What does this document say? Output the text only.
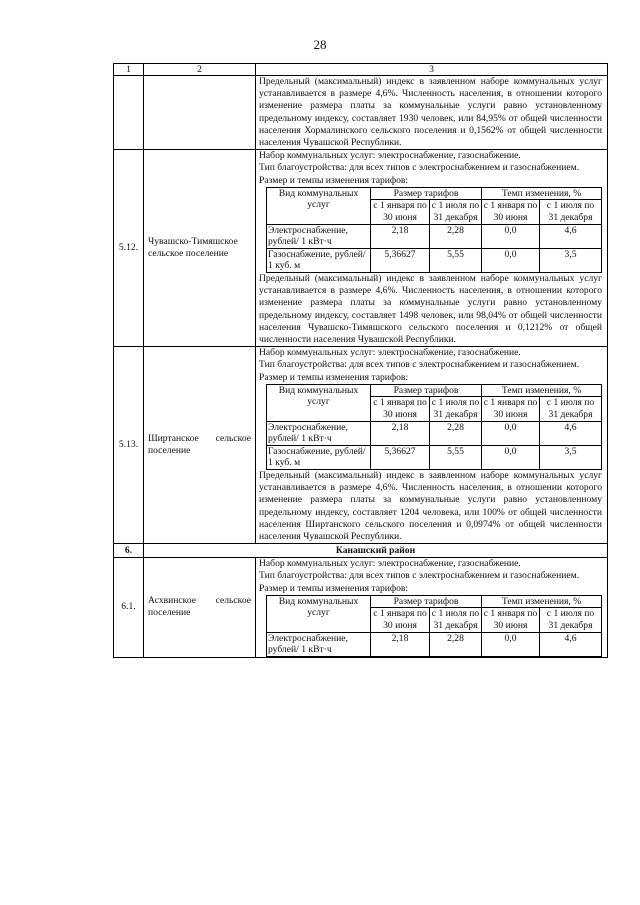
28
1	2	3

Предельный (максимальный) индекс в заявленном наборе коммунальных услуг устанавливается в размере 4,6%. Численность населения, в отношении которого изменение размера платы за коммунальные услуги равно установленному предельному индексу, составляет 1930 человек, или 84,95% от общей численности населения Хормалинского сельского поселения и 0,1562% от общей численности населения Чувашской Республики.

5.12.	Чувашско-Тимяшское сельское поселение	

Набор коммунальных услуг: электроснабжение, газоснабжение.

Тип благоустройства: для всех типов с электроснабжением и газоснабжением.

Размер и темпы изменения тарифов:

Вид коммунальных услуг	Размер тарифов	Темп изменения, %
с 1 января по 30 июня	с 1 июля по 31 декабря	с 1 января по 30 июня	с 1 июля по 31 декабря
Электроснабжение, рублей/ 1 кВт·ч	2,18	2,28	0,0	4,6
Газоснабжение, рублей/ 1 куб. м	5,36627	5,55	0,0	3,5

Предельный (максимальный) индекс в заявленном наборе коммунальных услуг устанавливается в размере 4,6%. Численность населения, в отношении которого изменение размера платы за коммунальные услуги равно установленному предельному индексу, составляет 1498 человек, или 98,04% от общей численности населения Чувашско-Тимяшского сельского поселения и 0,1212% от общей численности населения Чувашской Республики.

5.13.	Ширтанское сельское поселение	

Набор коммунальных услуг: электроснабжение, газоснабжение.

Тип благоустройства: для всех типов с электроснабжением и газоснабжением.

Размер и темпы изменения тарифов:

Вид коммунальных услуг	Размер тарифов	Темп изменения, %
с 1 января по 30 июня	с 1 июля по 31 декабря	с 1 января по 30 июня	с 1 июля по 31 декабря
Электроснабжение, рублей/ 1 кВт·ч	2,18	2,28	0,0	4,6
Газоснабжение, рублей/ 1 куб. м	5,36627	5,55	0,0	3,5

Предельный (максимальный) индекс в заявленном наборе коммунальных услуг устанавливается в размере 4,6%. Численность населения, в отношении которого изменение размера платы за коммунальные услуги равно установленному предельному индексу, составляет 1204 человека, или 100% от общей численности населения Ширтанского сельского поселения и 0,0974% от общей численности населения Чувашской Республики.

6.	Канашский район
6.1.	Асхвинское сельское поселение	

Набор коммунальных услуг: электроснабжение, газоснабжение.

Тип благоустройства: для всех типов с электроснабжением и газоснабжением.

Размер и темпы изменения тарифов:

Вид коммунальных услуг	Размер тарифов	Темп изменения, %
с 1 января по 30 июня	с 1 июля по 31 декабря	с 1 января по 30 июня	с 1 июля по 31 декабря
Электроснабжение, рублей/ 1 кВт·ч	2,18	2,28	0,0	4,6
